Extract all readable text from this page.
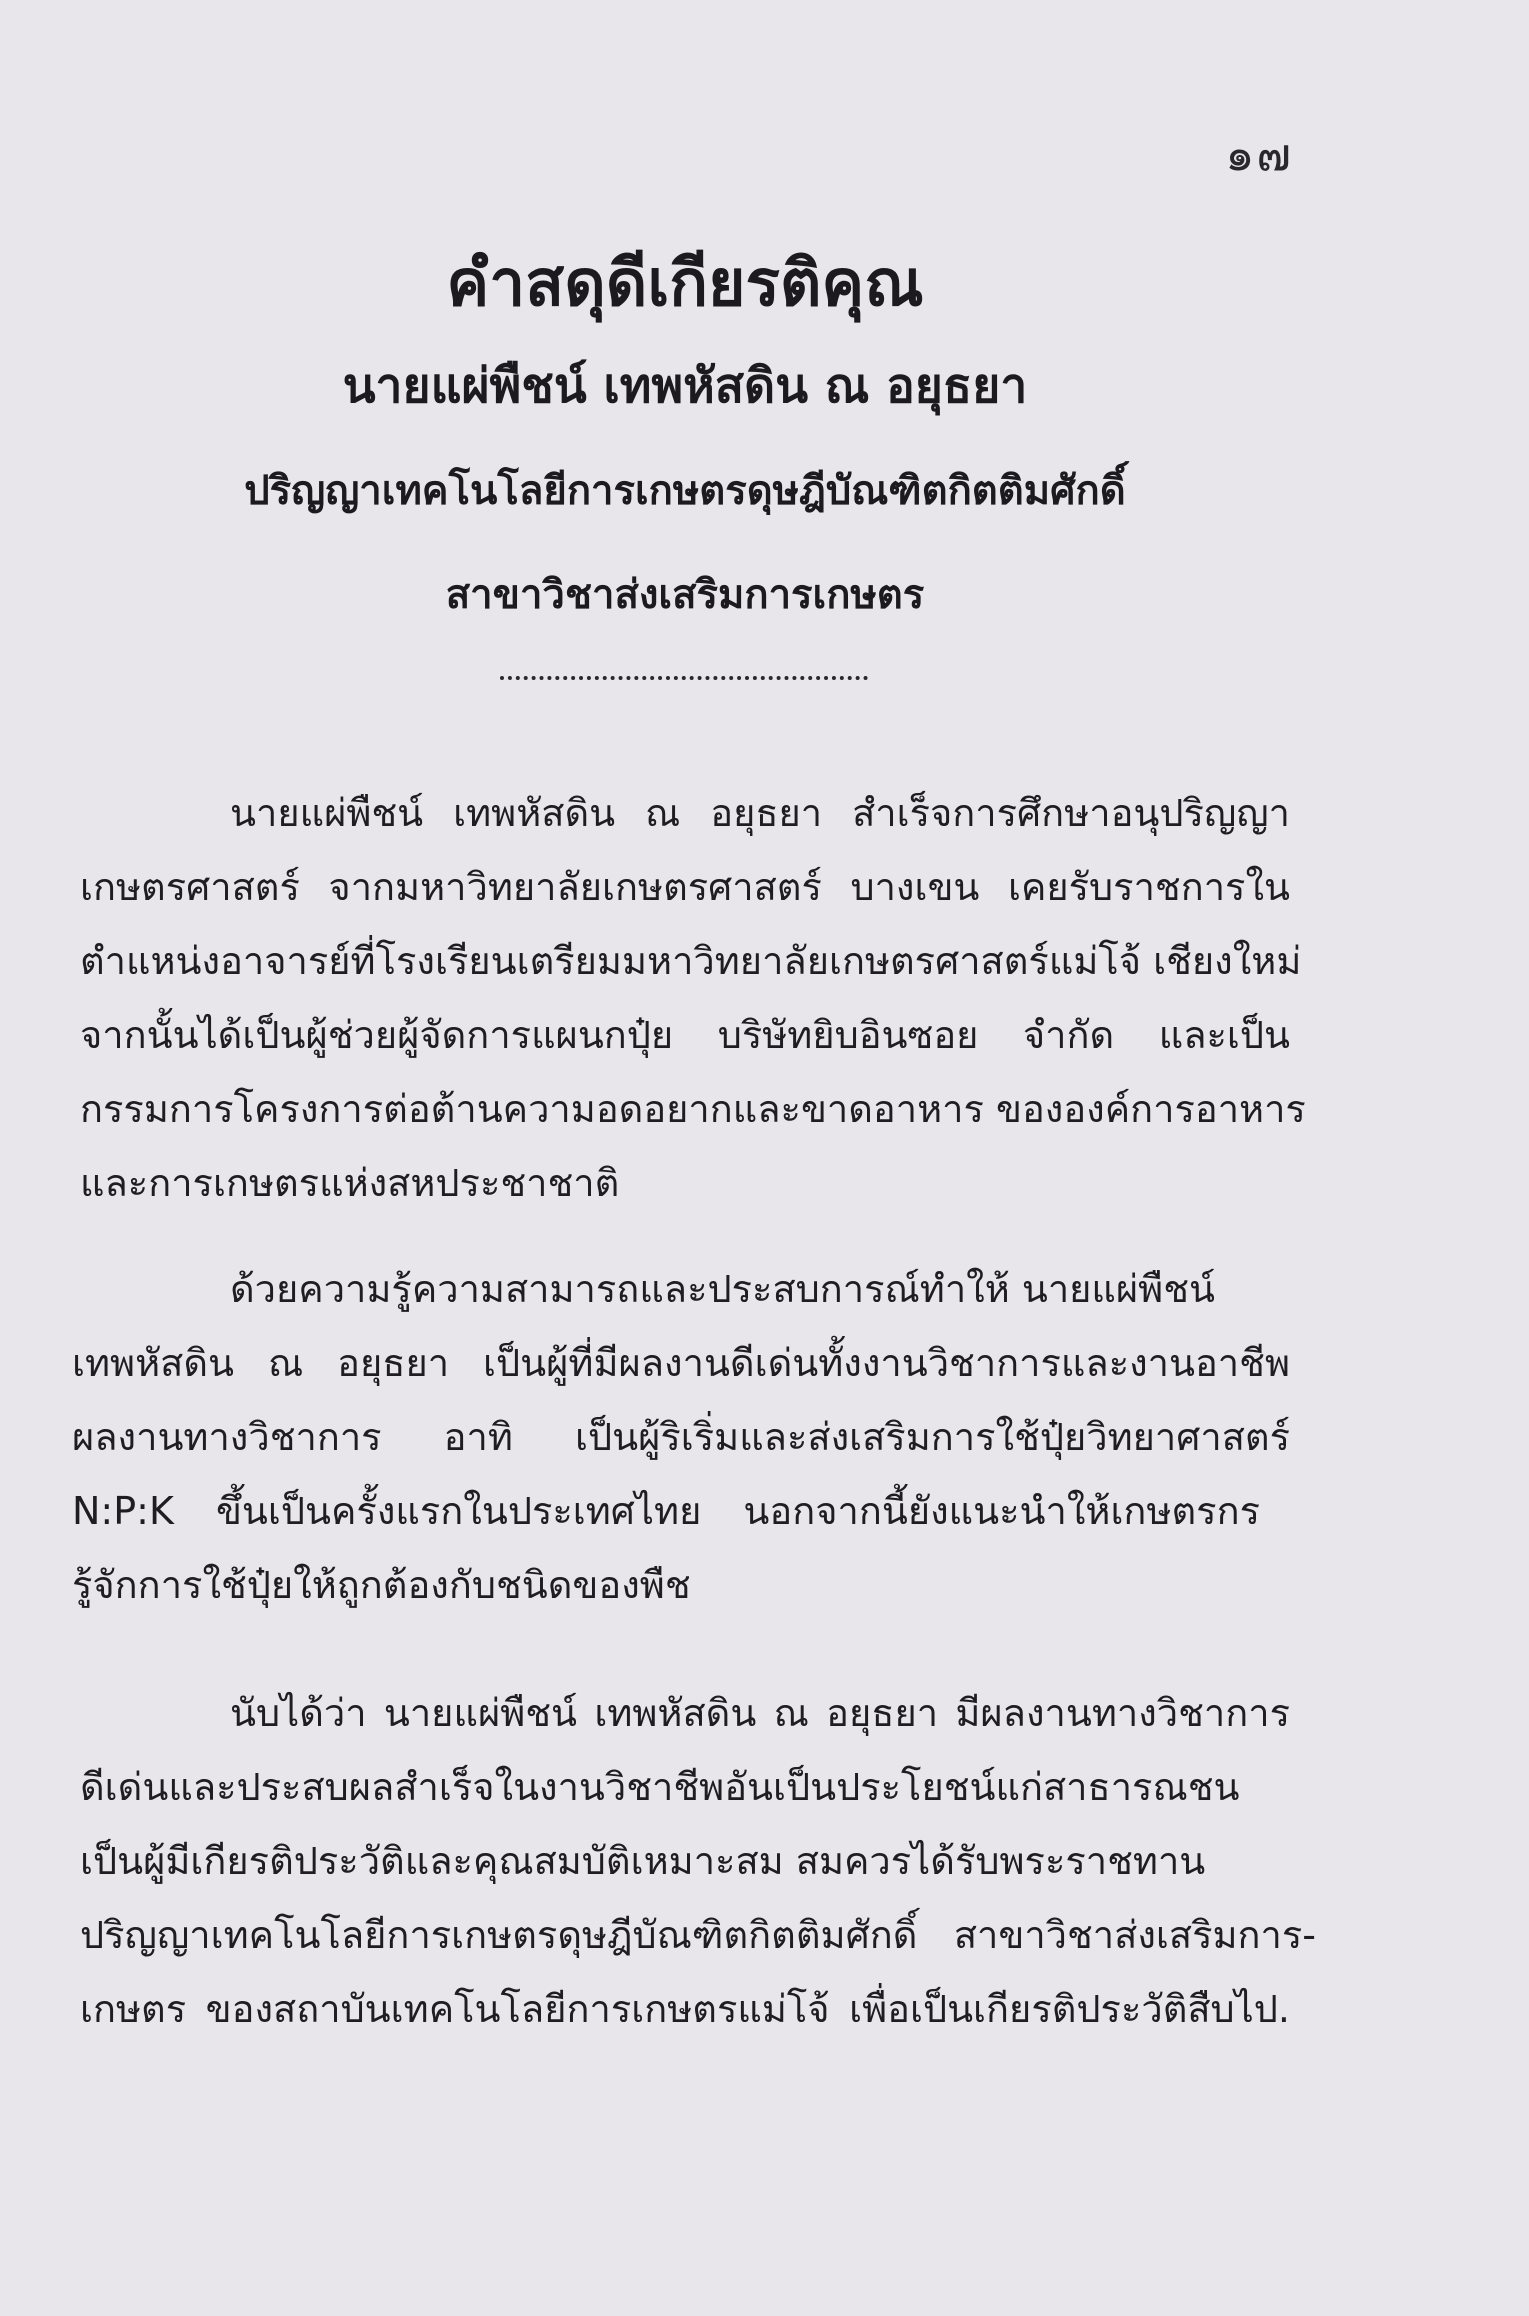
๑๗
คำสดุดีเกียรติคุณ
นายแผ่พืชน์ เทพหัสดิน ณ อยุธยา
ปริญญาเทคโนโลยีการเกษตรดุษฎีบัณฑิตกิตติมศักดิ์
สาขาวิชาส่งเสริมการเกษตร
นายแผ่พืชน์ เทพหัสดิน ณ อยุธยา สำเร็จการศึกษาอนุปริญญา
เกษตรศาสตร์ จากมหาวิทยาลัยเกษตรศาสตร์ บางเขน เคยรับราชการใน
ตำแหน่งอาจารย์ที่โรงเรียนเตรียมมหาวิทยาลัยเกษตรศาสตร์แม่โจ้ เชียงใหม่
จากนั้นได้เป็นผู้ช่วยผู้จัดการแผนกปุ๋ย บริษัทยิบอินซอย จำกัด และเป็น
กรรมการโครงการต่อต้านความอดอยากและขาดอาหาร ขององค์การอาหาร
และการเกษตรแห่งสหประชาชาติ
ด้วยความรู้ความสามารถและประสบการณ์ทำให้ นายแผ่พืชน์
เทพหัสดิน ณ อยุธยา เป็นผู้ที่มีผลงานดีเด่นทั้งงานวิชาการและงานอาชีพ
ผลงานทางวิชาการ อาทิ เป็นผู้ริเริ่มและส่งเสริมการใช้ปุ๋ยวิทยาศาสตร์
N:P:K ขึ้นเป็นครั้งแรกในประเทศไทย นอกจากนี้ยังแนะนำให้เกษตรกร
รู้จักการใช้ปุ๋ยให้ถูกต้องกับชนิดของพืช
นับได้ว่า นายแผ่พืชน์ เทพหัสดิน ณ อยุธยา มีผลงานทางวิชาการ
ดีเด่นและประสบผลสำเร็จในงานวิชาชีพอันเป็นประโยชน์แก่สาธารณชน
เป็นผู้มีเกียรติประวัติและคุณสมบัติเหมาะสม สมควรได้รับพระราชทาน
ปริญญาเทคโนโลยีการเกษตรดุษฎีบัณฑิตกิตติมศักดิ์ สาขาวิชาส่งเสริมการ-
เกษตร ของสถาบันเทคโนโลยีการเกษตรแม่โจ้ เพื่อเป็นเกียรติประวัติสืบไป.
